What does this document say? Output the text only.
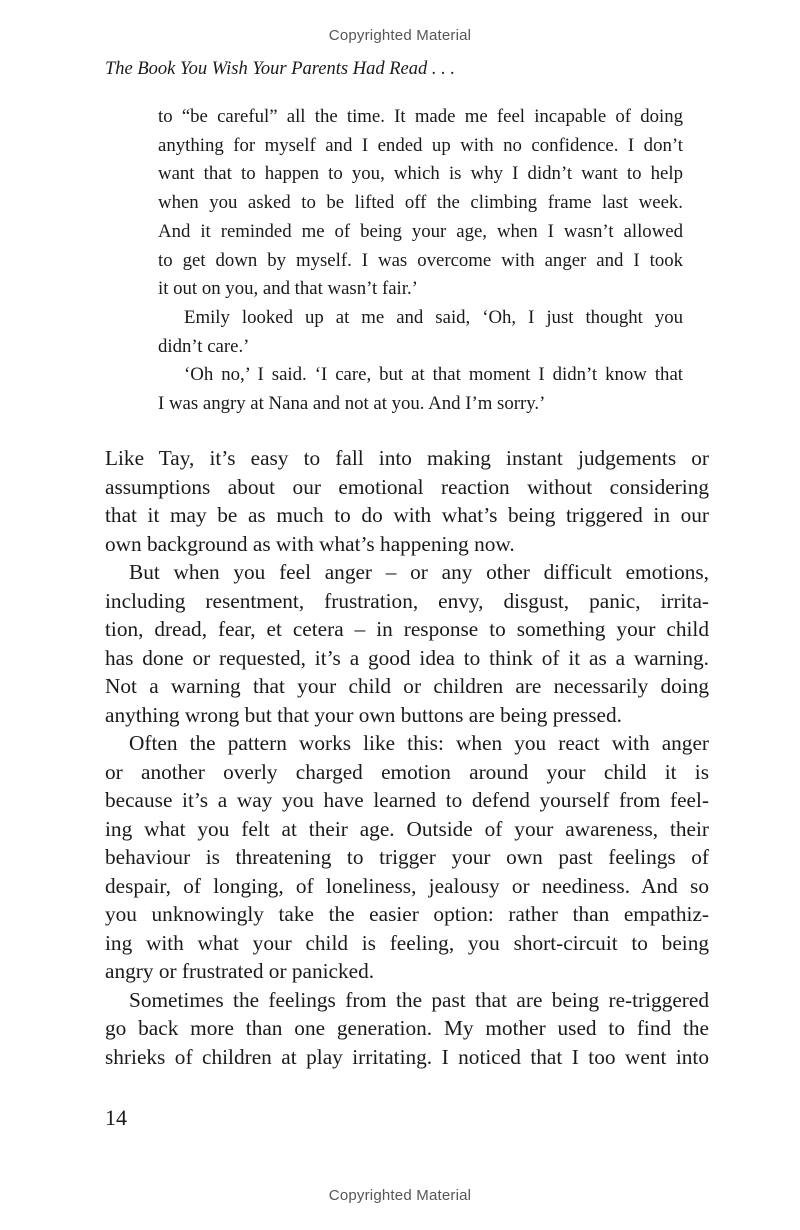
Copyrighted Material
The Book You Wish Your Parents Had Read . . .
to “be careful” all the time. It made me feel incapable of doing
anything for myself and I ended up with no confidence. I don’t
want that to happen to you, which is why I didn’t want to help
when you asked to be lifted off the climbing frame last week.
And it reminded me of being your age, when I wasn’t allowed
to get down by myself. I was overcome with anger and I took
it out on you, and that wasn’t fair.’
Emily looked up at me and said, ‘Oh, I just thought you
didn’t care.’
‘Oh no,’ I said. ‘I care, but at that moment I didn’t know that
I was angry at Nana and not at you. And I’m sorry.’
Like Tay, it’s easy to fall into making instant judgements or
assumptions about our emotional reaction without considering
that it may be as much to do with what’s being triggered in our
own background as with what’s happening now.
But when you feel anger – or any other difficult emotions,
including resentment, frustration, envy, disgust, panic, irrita-
tion, dread, fear, et cetera – in response to something your child
has done or requested, it’s a good idea to think of it as a warning.
Not a warning that your child or children are necessarily doing
anything wrong but that your own buttons are being pressed.
Often the pattern works like this: when you react with anger
or another overly charged emotion around your child it is
because it’s a way you have learned to defend yourself from feel-
ing what you felt at their age. Outside of your awareness, their
behaviour is threatening to trigger your own past feelings of
despair, of longing, of loneliness, jealousy or neediness. And so
you unknowingly take the easier option: rather than empathiz-
ing with what your child is feeling, you short-circuit to being
angry or frustrated or panicked.
Sometimes the feelings from the past that are being re-triggered
go back more than one generation. My mother used to find the
shrieks of children at play irritating. I noticed that I too went into
14
Copyrighted Material
